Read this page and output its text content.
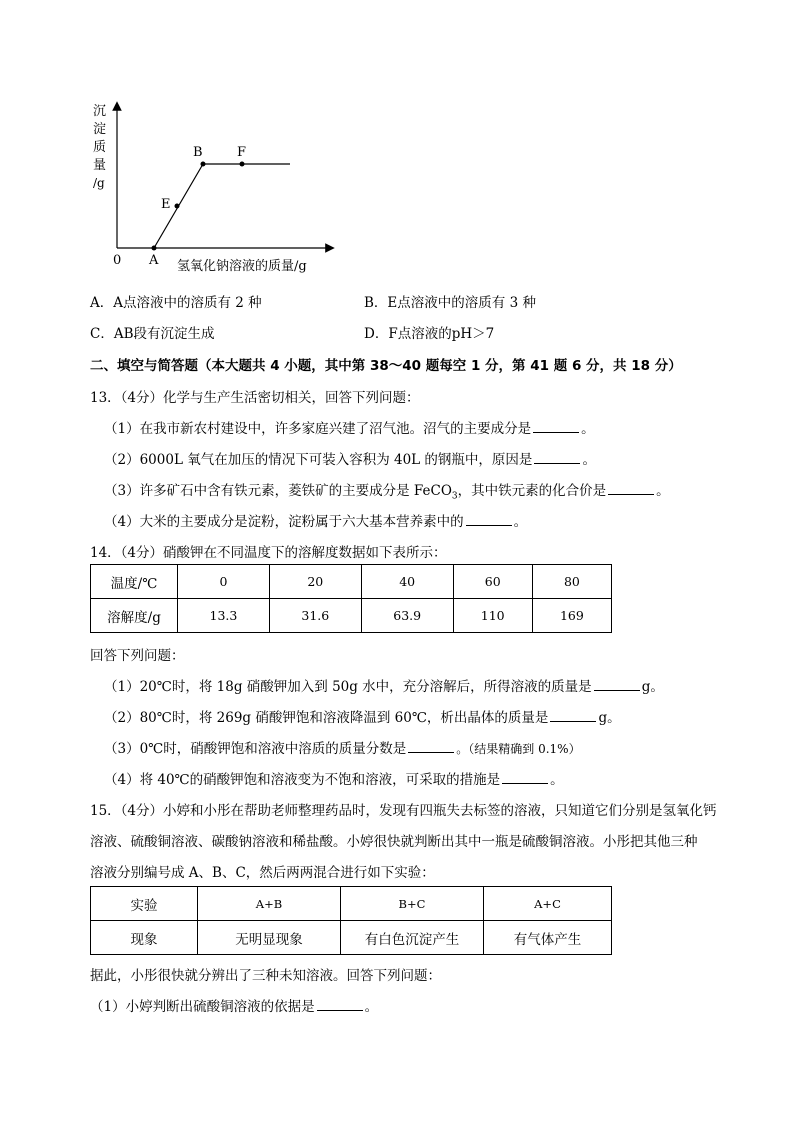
B	F
E
A
0	氢氧化钠溶液的质量/g
沉
淀
质
量
/g
A．A点溶液中的溶质有 2 种	B．E点溶液中的溶质有 3 种
C．AB段有沉淀生成	D．F点溶液的pH＞7
二、填空与简答题（本大题共 4 小题，其中第 38～40 题每空 1 分，第 41 题 6 分，共 18 分）
13．（4分）化学与生产生活密切相关，回答下列问题：
（1）在我市新农村建设中，许多家庭兴建了沼气池。沼气的主要成分是	。
（2）6000L 氧气在加压的情况下可装入容积为 40L 的钢瓶中，原因是	。
（3）许多矿石中含有铁元素，菱铁矿的主要成分是 FeCO$_3$，其中铁元素的化合价是	。
（4）大米的主要成分是淀粉，淀粉属于六大基本营养素中的	。
14．（4分）硝酸钾在不同温度下的溶解度数据如下表所示：
温度/℃	0	20	40	60	80
溶解度/g	13.3	31.6	63.9	110	169
回答下列问题：
（1）20℃时，将 18g 硝酸钾加入到 50g 水中，充分溶解后，所得溶液的质量是	g。
（2）80℃时，将 269g 硝酸钾饱和溶液降温到 60℃，析出晶体的质量是	g。
（3）0℃时，硝酸钾饱和溶液中溶质的质量分数是	。（结果精确到 0.1%）
（4）将 40℃的硝酸钾饱和溶液变为不饱和溶液，可采取的措施是	。
15．（4分）小婷和小彤在帮助老师整理药品时，发现有四瓶失去标签的溶液，只知道它们分别是氢氧化钙
溶液、硫酸铜溶液、碳酸钠溶液和稀盐酸。小婷很快就判断出其中一瓶是硫酸铜溶液。小彤把其他三种
溶液分别编号成 A、B、C，然后两两混合进行如下实验：
实验	A+B	B+C	A+C
现象	无明显现象	有白色沉淀产生	有气体产生
据此，小彤很快就分辨出了三种未知溶液。回答下列问题：
（1）小婷判断出硫酸铜溶液的依据是	。
